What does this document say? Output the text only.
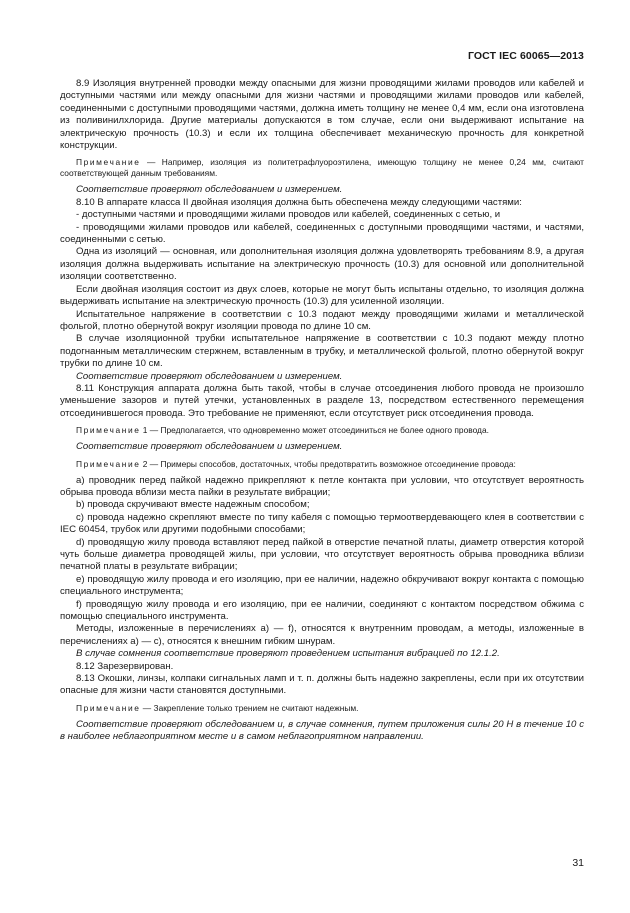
ГОСТ IEC 60065—2013

8.9 Изоляция внутренней проводки между опасными для жизни проводящими жилами проводов или кабелей и доступными частями или между опасными для жизни частями и проводящими жилами проводов или кабелей, соединенными с доступными проводящими частями, должна иметь толщину не менее 0,4 мм, если она изготовлена из поливинилхлорида. Другие материалы допускаются в том случае, если они выдерживают испытание на электрическую прочность (10.3) и если их толщина обеспечивает механическую прочность для конкретной конструкции.

Примечание — Например, изоляция из политетрафлуороэтилена, имеющую толщину не менее 0,24 мм, считают соответствующей данным требованиям.

Соответствие проверяют обследованием и измерением.

8.10 В аппарате класса II двойная изоляция должна быть обеспечена между следующими частями:

- доступными частями и проводящими жилами проводов или кабелей, соединенных с сетью, и

- проводящими жилами проводов или кабелей, соединенных с доступными проводящими частями, и частями, соединенными с сетью.

Одна из изоляций — основная, или дополнительная изоляция должна удовлетворять требованиям 8.9, а другая изоляция должна выдерживать испытание на электрическую прочность (10.3) для основной или дополнительной изоляции соответственно.

Если двойная изоляция состоит из двух слоев, которые не могут быть испытаны отдельно, то изоляция должна выдерживать испытание на электрическую прочность (10.3) для усиленной изоляции.

Испытательное напряжение в соответствии с 10.3 подают между проводящими жилами и металлической фольгой, плотно обернутой вокруг изоляции провода по длине 10 см.

В случае изоляционной трубки испытательное напряжение в соответствии с 10.3 подают между плотно подогнанным металлическим стержнем, вставленным в трубку, и металлической фольгой, плотно обернутой вокруг трубки по длине 10 см.

Соответствие проверяют обследованием и измерением.

8.11 Конструкция аппарата должна быть такой, чтобы в случае отсоединения любого провода не произошло уменьшение зазоров и путей утечки, установленных в разделе 13, посредством естественного перемещения отсоединившегося провода. Это требование не применяют, если отсутствует риск отсоединения провода.

Примечание 1 — Предполагается, что одновременно может отсоединиться не более одного провода.

Соответствие проверяют обследованием и измерением.

Примечание 2 — Примеры способов, достаточных, чтобы предотвратить возможное отсоединение провода:

a) проводник перед пайкой надежно прикрепляют к петле контакта при условии, что отсутствует вероятность обрыва провода вблизи места пайки в результате вибрации;

b) провода скручивают вместе надежным способом;

c) провода надежно скрепляют вместе по типу кабеля с помощью термоотвердевающего клея в соответствии с IEC 60454, трубок или другими подобными способами;

d) проводящую жилу провода вставляют перед пайкой в отверстие печатной платы, диаметр отверстия которой чуть больше диаметра проводящей жилы, при условии, что отсутствует вероятность обрыва проводника вблизи печатной платы в результате вибрации;

e) проводящую жилу провода и его изоляцию, при ее наличии, надежно обкручивают вокруг контакта с помощью специального инструмента;

f) проводящую жилу провода и его изоляцию, при ее наличии, соединяют с контактом посредством обжима с помощью специального инструмента.

Методы, изложенные в перечислениях a) — f), относятся к внутренним проводам, а методы, изложенные в перечислениях a) — c), относятся к внешним гибким шнурам.

В случае сомнения соответствие проверяют проведением испытания вибрацией по 12.1.2.

8.12 Зарезервирован.

8.13 Окошки, линзы, колпаки сигнальных ламп и т. п. должны быть надежно закреплены, если при их отсутствии опасные для жизни части становятся доступными.

Примечание — Закрепление только трением не считают надежным.

Соответствие проверяют обследованием и, в случае сомнения, путем приложения силы 20 Н в течение 10 с в наиболее неблагоприятном месте и в самом неблагоприятном направлении.

31
